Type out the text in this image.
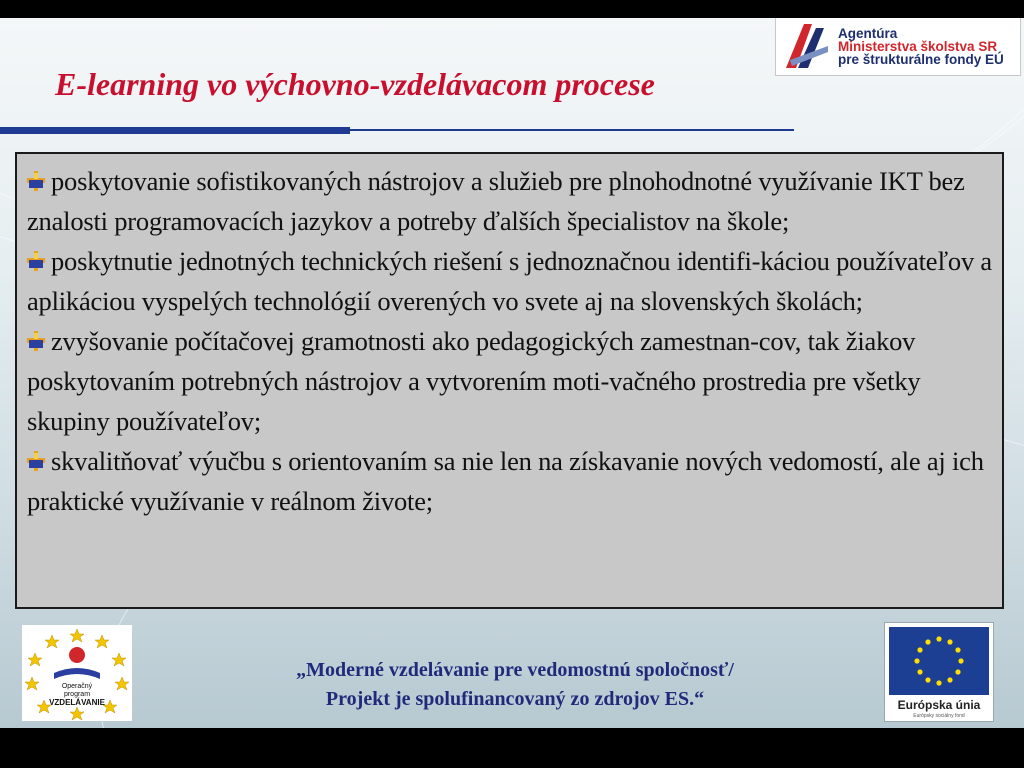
Agentúra
Ministerstva školstva SR
pre štrukturálne fondy EÚ
E-learning vo výchovno-vzdelávacom procese
poskytovanie sofistikovaných nástrojov a služieb pre plnohodnotné využívanie IKT bez znalosti programovacích jazykov a potreby ďalších špecialistov na škole;
poskytnutie jednotných technických riešení s jednoznačnou identifi-káciou používateľov a aplikáciou vyspelých technológií overených vo svete aj na slovenských školách;
zvyšovanie počítačovej gramotnosti ako pedagogických zamestnan-cov, tak žiakov poskytovaním potrebných nástrojov a vytvorením moti-vačného prostredia pre všetky skupiny používateľov;
skvalitňovať výučbu s orientovaním sa nie len na získavanie nových vedomostí, ale aj ich praktické využívanie v reálnom živote;
Operačný program
VZDELÁVANIE
„Moderné vzdelávanie pre vedomostnú spoločnosť/
Projekt je spolufinancovaný zo zdrojov ES.“	Európska únia
Európsky sociálny fond
